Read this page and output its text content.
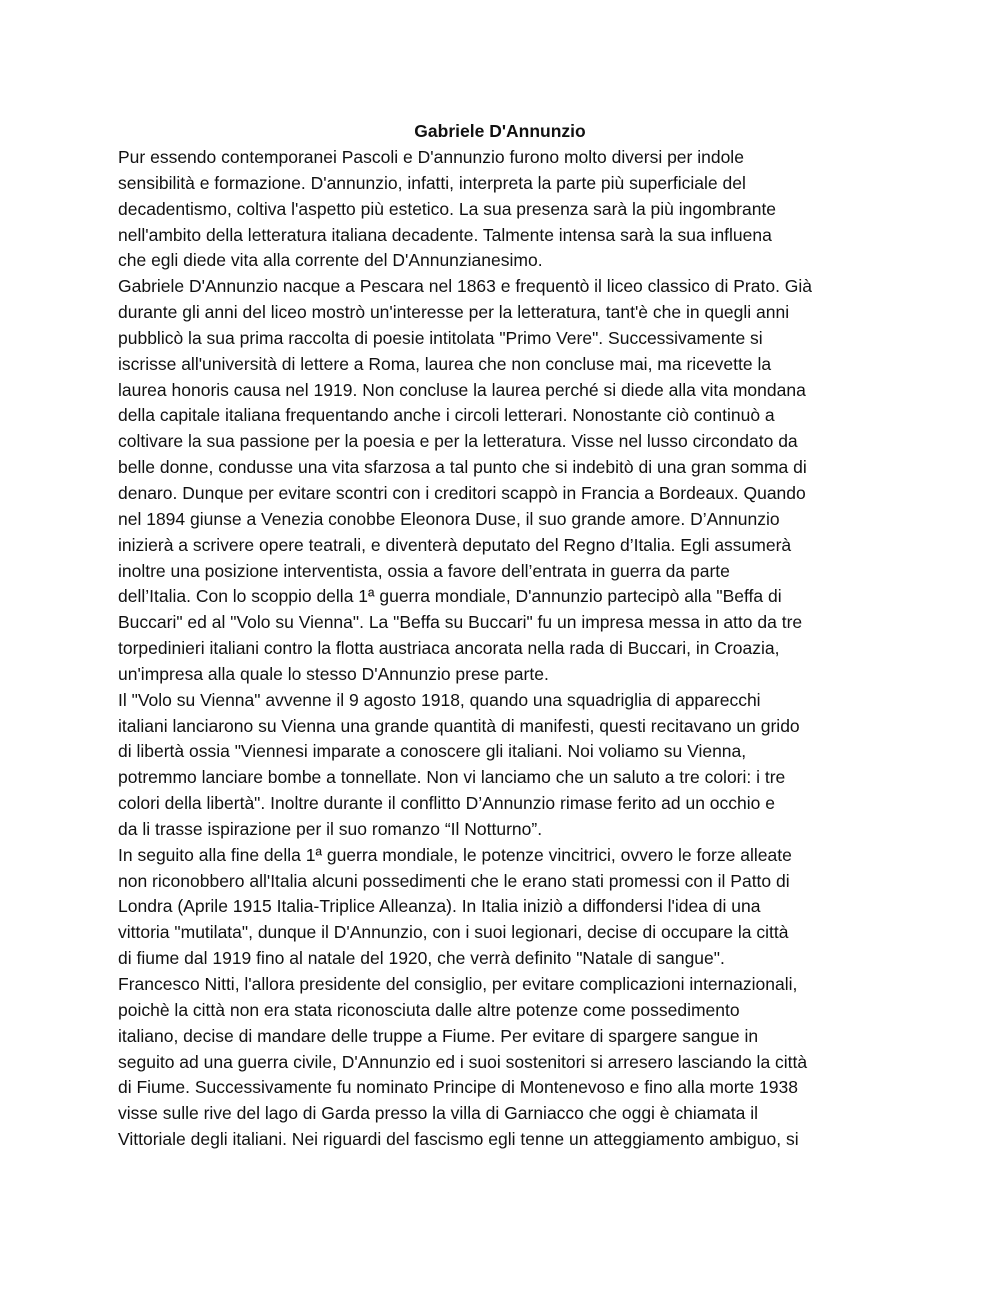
Gabriele D'Annunzio
Pur essendo contemporanei Pascoli e D'annunzio furono molto diversi per indole
sensibilità e formazione. D'annunzio, infatti, interpreta la parte più superficiale del
decadentismo, coltiva l'aspetto più estetico. La sua presenza sarà la più ingombrante
nell'ambito della letteratura italiana decadente. Talmente intensa sarà la sua influena
che egli diede vita alla corrente del D'Annunzianesimo.
Gabriele D'Annunzio nacque a Pescara nel 1863 e frequentò il liceo classico di Prato. Già
durante gli anni del liceo mostrò un'interesse per la letteratura, tant'è che in quegli anni
pubblicò la sua prima raccolta di poesie intitolata "Primo Vere". Successivamente si
iscrisse all'università di lettere a Roma, laurea che non concluse mai, ma ricevette la
laurea honoris causa nel 1919. Non concluse la laurea perché si diede alla vita mondana
della capitale italiana frequentando anche i circoli letterari. Nonostante ciò continuò a
coltivare la sua passione per la poesia e per la letteratura. Visse nel lusso circondato da
belle donne, condusse una vita sfarzosa a tal punto che si indebitò di una gran somma di
denaro. Dunque per evitare scontri con i creditori scappò in Francia a Bordeaux. Quando
nel 1894 giunse a Venezia conobbe Eleonora Duse, il suo grande amore. D’Annunzio
inizierà a scrivere opere teatrali, e diventerà deputato del Regno d’Italia. Egli assumerà
inoltre una posizione interventista, ossia a favore dell’entrata in guerra da parte
dell’Italia. Con lo scoppio della 1ª guerra mondiale, D'annunzio partecipò alla "Beffa di
Buccari" ed al "Volo su Vienna". La "Beffa su Buccari" fu un impresa messa in atto da tre
torpedinieri italiani contro la flotta austriaca ancorata nella rada di Buccari, in Croazia,
un'impresa alla quale lo stesso D'Annunzio prese parte.
Il "Volo su Vienna" avvenne il 9 agosto 1918, quando una squadriglia di apparecchi
italiani lanciarono su Vienna una grande quantità di manifesti, questi recitavano un grido
di libertà ossia "Viennesi imparate a conoscere gli italiani. Noi voliamo su Vienna,
potremmo lanciare bombe a tonnellate. Non vi lanciamo che un saluto a tre colori: i tre
colori della libertà". Inoltre durante il conflitto D’Annunzio rimase ferito ad un occhio e
da li trasse ispirazione per il suo romanzo “Il Notturno”.
In seguito alla fine della 1ª guerra mondiale, le potenze vincitrici, ovvero le forze alleate
non riconobbero all'Italia alcuni possedimenti che le erano stati promessi con il Patto di
Londra (Aprile 1915 Italia-Triplice Alleanza). In Italia iniziò a diffondersi l'idea di una
vittoria "mutilata", dunque il D'Annunzio, con i suoi legionari, decise di occupare la città
di fiume dal 1919 fino al natale del 1920, che verrà definito "Natale di sangue".
Francesco Nitti, l'allora presidente del consiglio, per evitare complicazioni internazionali,
poichè la città non era stata riconosciuta dalle altre potenze come possedimento
italiano, decise di mandare delle truppe a Fiume. Per evitare di spargere sangue in
seguito ad una guerra civile, D'Annunzio ed i suoi sostenitori si arresero lasciando la città
di Fiume. Successivamente fu nominato Principe di Montenevoso e fino alla morte 1938
visse sulle rive del lago di Garda presso la villa di Garniacco che oggi è chiamata il
Vittoriale degli italiani. Nei riguardi del fascismo egli tenne un atteggiamento ambiguo, si
